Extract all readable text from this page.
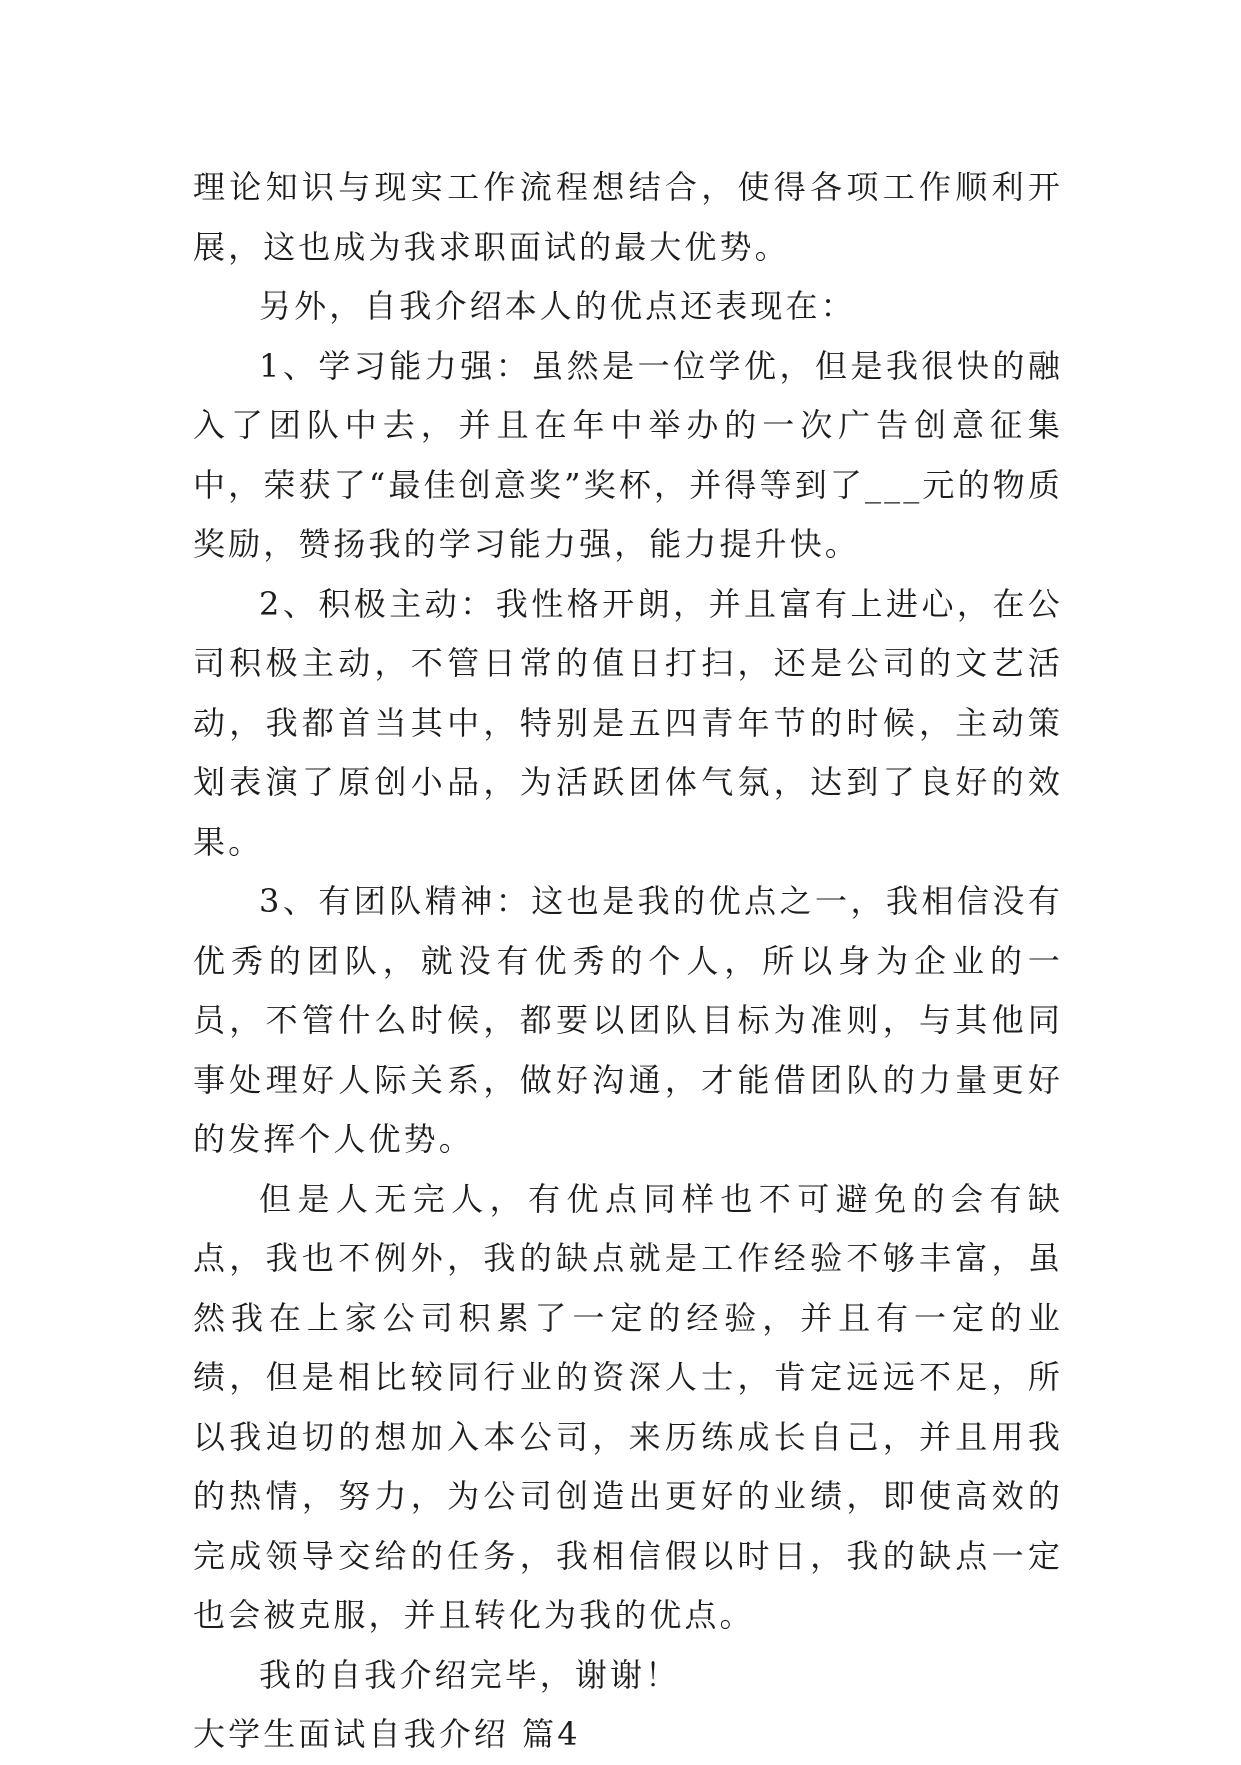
理论知识与现实工作流程想结合，使得各项工作顺利开展，这也成为我求职面试的最大优势。

另外，自我介绍本人的优点还表现在：

1、学习能力强：虽然是一位学优，但是我很快的融入了团队中去，并且在年中举办的一次广告创意征集中，荣获了“最佳创意奖”奖杯，并得等到了___元的物质奖励，赞扬我的学习能力强，能力提升快。

2、积极主动：我性格开朗，并且富有上进心，在公司积极主动，不管日常的值日打扫，还是公司的文艺活动，我都首当其中，特别是五四青年节的时候，主动策划表演了原创小品，为活跃团体气氛，达到了良好的效果。

3、有团队精神：这也是我的优点之一，我相信没有优秀的团队，就没有优秀的个人，所以身为企业的一员，不管什么时候，都要以团队目标为准则，与其他同事处理好人际关系，做好沟通，才能借团队的力量更好的发挥个人优势。

但是人无完人，有优点同样也不可避免的会有缺点，我也不例外，我的缺点就是工作经验不够丰富，虽然我在上家公司积累了一定的经验，并且有一定的业绩，但是相比较同行业的资深人士，肯定远远不足，所以我迫切的想加入本公司，来历练成长自己，并且用我的热情，努力，为公司创造出更好的业绩，即使高效的完成领导交给的任务，我相信假以时日，我的缺点一定也会被克服，并且转化为我的优点。

我的自我介绍完毕，谢谢！

大学生面试自我介绍 篇4
